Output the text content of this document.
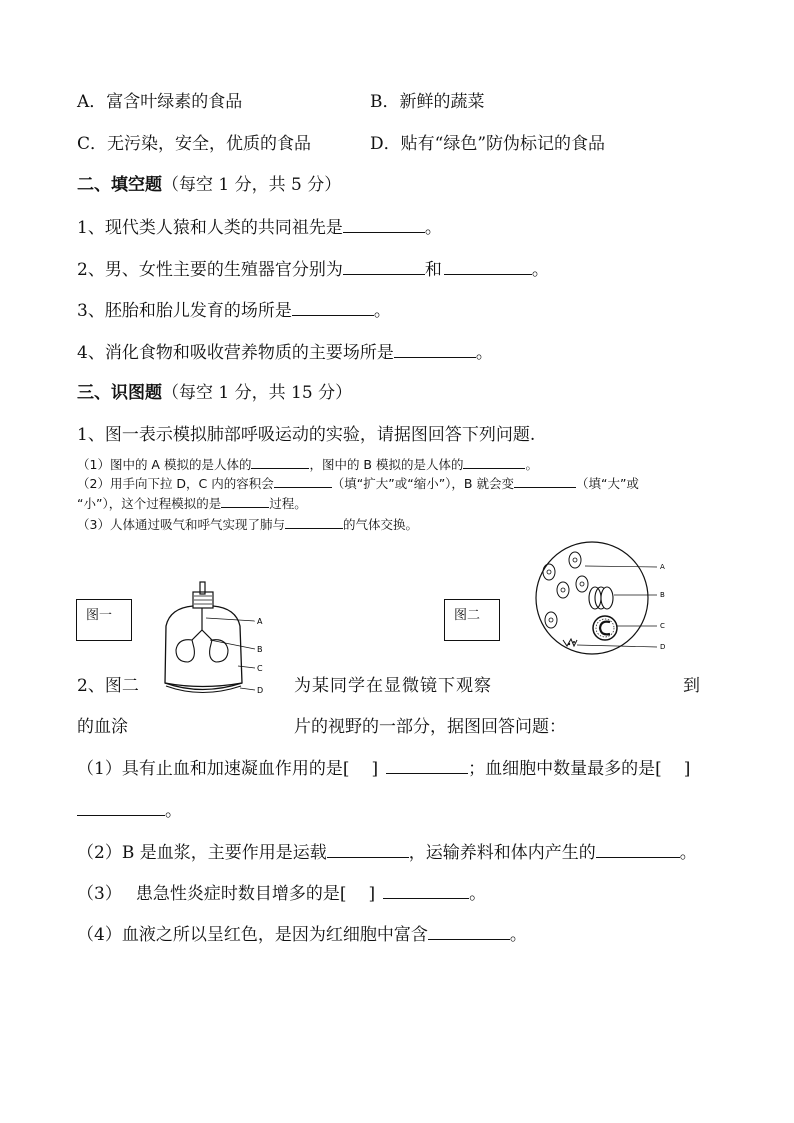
A．富含叶绿素的食品	B．新鲜的蔬菜
C．无污染，安全，优质的食品	D．贴有“绿色”防伪标记的食品
二、填空题（每空 1 分，共 5 分）
1、现代类人猿和人类的共同祖先是	。
2、男、女性主要的生殖器官分别为	和	。
3、胚胎和胎儿发育的场所是	。
4、消化食物和吸收营养物质的主要场所是	。
三、识图题（每空 1 分，共 15 分）
1、图一表示模拟肺部呼吸运动的实验，请据图回答下列问题.
（1）图中的 A 模拟的是人体的	，图中的 B 模拟的是人体的	。
（2）用手向下拉 D，C 内的容积会	（填“扩大”或“缩小”），B 就会变	（填“大”或
“小”），这个过程模拟的是	过程。
（3）人体通过吸气和呼气实现了肺与	的气体交换。
图一	图二
A
B
C
D
A
B
C
D
2、图二	为某同学在显微镜下观察	到
的血涂	片的视野的一部分，据图回答问题：
（1）具有止血和加速凝血作用的是[ ]	；血细胞中数量最多的是[ ]
。
（2）B 是血浆，主要作用是运载	，运输养料和体内产生的	。
（3） 患急性炎症时数目增多的是[ ]	。
（4）血液之所以呈红色，是因为红细胞中富含	。
